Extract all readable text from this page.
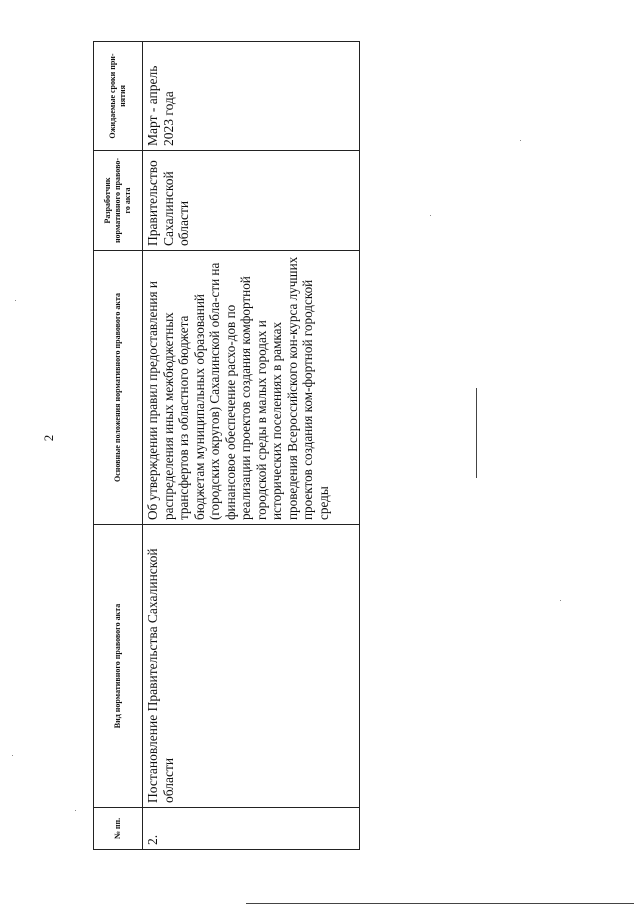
2
№ пп.	Вид нормативного правового акта	Основные положения нормативного правового акта	Разработчик нормативного правово-го акта	Ожидаемые сроки при-нятия
2.	Постановление Правительства Сахалинской области	Об утверждении правил предоставления и распределения иных межбюджетных трансфертов из областного бюджета бюджетам муниципальных образований (городских округов) Сахалинской обла-сти на финансовое обеспечение расхо-дов по реализации проектов создания комфортной городской среды в малых городах и исторических поселениях в рамках проведения Всероссийского кон-курса лучших проектов создания ком-фортной городской среды	Правительство Сахалинской области	Март - апрель 2023 года
